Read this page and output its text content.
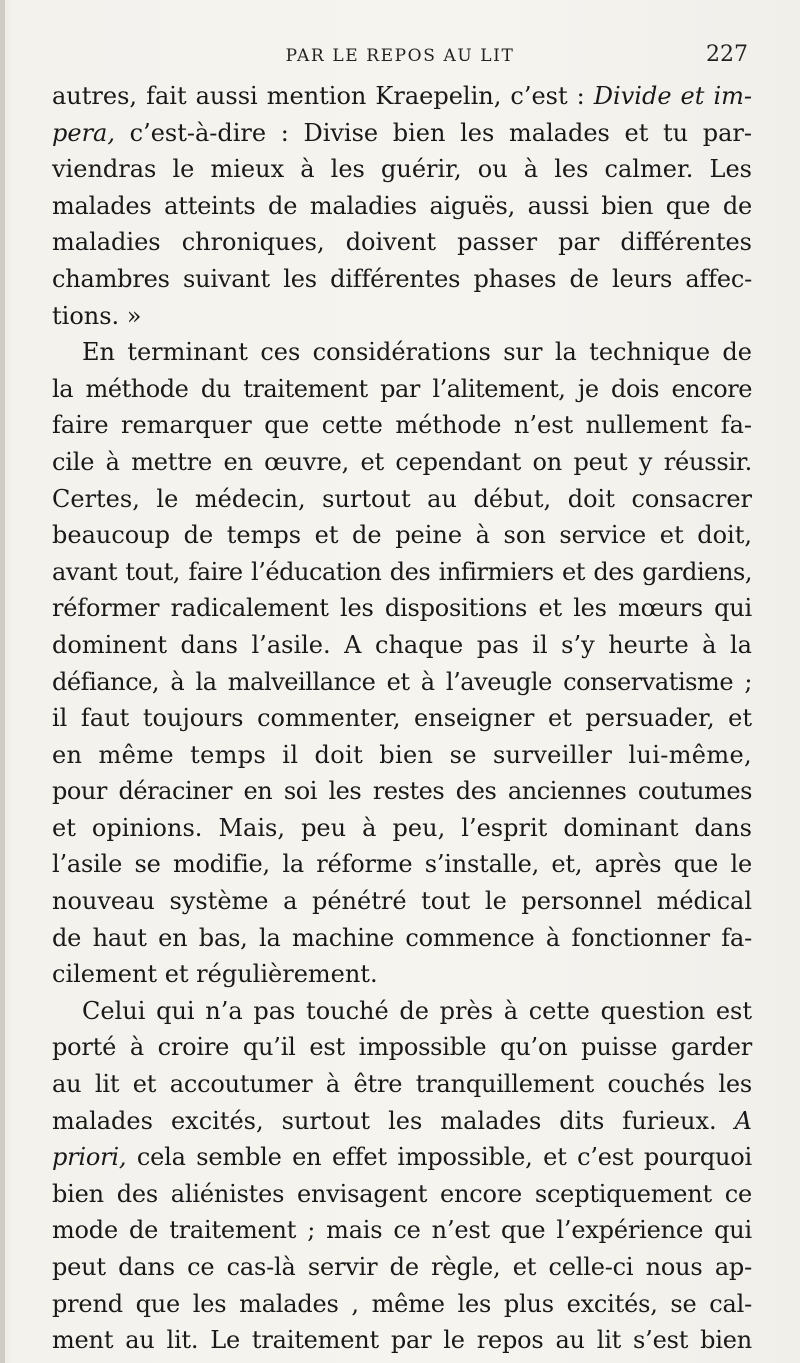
PAR LE REPOS AU LIT	227
autres, fait aussi mention Kraepelin, c’est : Divide et im-
pera, c’est-à-dire : Divise bien les malades et tu par-
viendras le mieux à les guérir, ou à les calmer. Les
malades atteints de maladies aiguës, aussi bien que de
maladies chroniques, doivent passer par différentes
chambres suivant les différentes phases de leurs affec-
tions. »
En terminant ces considérations sur la technique de
la méthode du traitement par l’alitement, je dois encore
faire remarquer que cette méthode n’est nullement fa-
cile à mettre en œuvre, et cependant on peut y réussir.
Certes, le médecin, surtout au début, doit consacrer
beaucoup de temps et de peine à son service et doit,
avant tout, faire l’éducation des infirmiers et des gardiens,
réformer radicalement les dispositions et les mœurs qui
dominent dans l’asile. A chaque pas il s’y heurte à la
défiance, à la malveillance et à l’aveugle conservatisme ;
il faut toujours commenter, enseigner et persuader, et
en même temps il doit bien se surveiller lui-même,
pour déraciner en soi les restes des anciennes coutumes
et opinions. Mais, peu à peu, l’esprit dominant dans
l’asile se modifie, la réforme s’installe, et, après que le
nouveau système a pénétré tout le personnel médical
de haut en bas, la machine commence à fonctionner fa-
cilement et régulièrement.
Celui qui n’a pas touché de près à cette question est
porté à croire qu’il est impossible qu’on puisse garder
au lit et accoutumer à être tranquillement couchés les
malades excités, surtout les malades dits furieux. A
priori, cela semble en effet impossible, et c’est pourquoi
bien des aliénistes envisagent encore sceptiquement ce
mode de traitement ; mais ce n’est que l’expérience qui
peut dans ce cas-là servir de règle, et celle-ci nous ap-
prend que les malades , même les plus excités, se cal-
ment au lit. Le traitement par le repos au lit s’est bien
